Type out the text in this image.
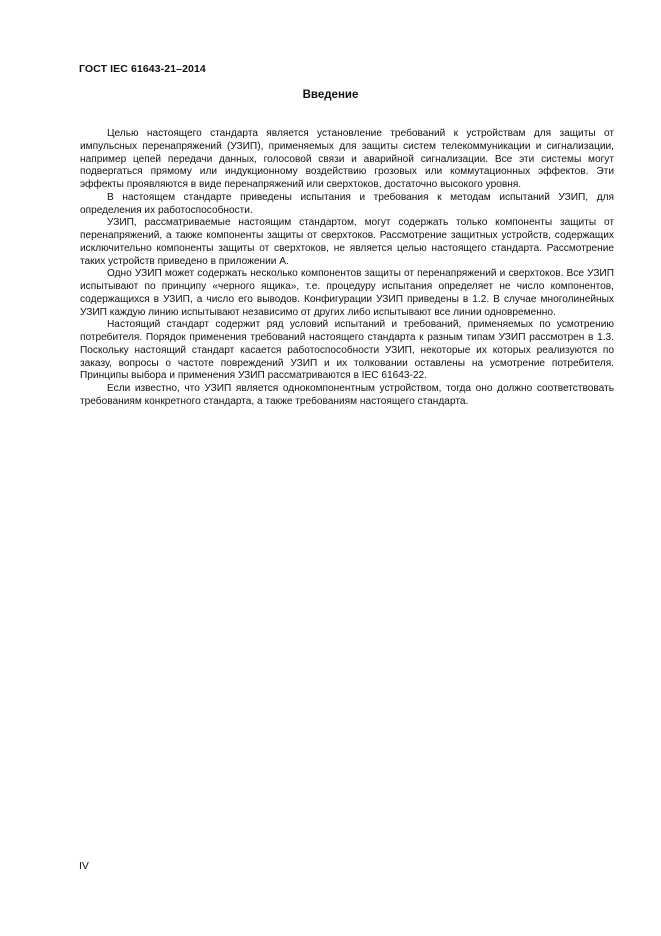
ГОСТ IEC 61643-21–2014
Введение

Целью настоящего стандарта является установление требований к устройствам для защиты от импульсных перенапряжений (УЗИП), применяемых для защиты систем телекоммуникации и сигнализации, например цепей передачи данных, голосовой связи и аварийной сигнализации. Все эти системы могут подвергаться прямому или индукционному воздействию грозовых или коммутационных эффектов. Эти эффекты проявляются в виде перенапряжений или сверхтоков, достаточно высокого уровня.

В настоящем стандарте приведены испытания и требования к методам испытаний УЗИП, для определения их работоспособности.

УЗИП, рассматриваемые настоящим стандартом, могут содержать только компоненты защиты от перенапряжений, а также компоненты защиты от сверхтоков. Рассмотрение защитных устройств, содержащих исключительно компоненты защиты от сверхтоков, не является целью настоящего стандарта. Рассмотрение таких устройств приведено в приложении А.

Одно УЗИП может содержать несколько компонентов защиты от перенапряжений и сверхтоков. Все УЗИП испытывают по принципу «черного ящика», т.е. процедуру испытания определяет не число компонентов, содержащихся в УЗИП, а число его выводов. Конфигурации УЗИП приведены в 1.2. В случае многолинейных УЗИП каждую линию испытывают независимо от других либо испытывают все линии одновременно.

Настоящий стандарт содержит ряд условий испытаний и требований, применяемых по усмотрению потребителя. Порядок применения требований настоящего стандарта к разным типам УЗИП рассмотрен в 1.3. Поскольку настоящий стандарт касается работоспособности УЗИП, некоторые их которых реализуются по заказу, вопросы о частоте повреждений УЗИП и их толковании оставлены на усмотрение потребителя. Принципы выбора и применения УЗИП рассматриваются в IEC 61643-22.

Если известно, что УЗИП является однокомпонентным устройством, тогда оно должно соответствовать требованиям конкретного стандарта, а также требованиям настоящего стандарта.

IV
